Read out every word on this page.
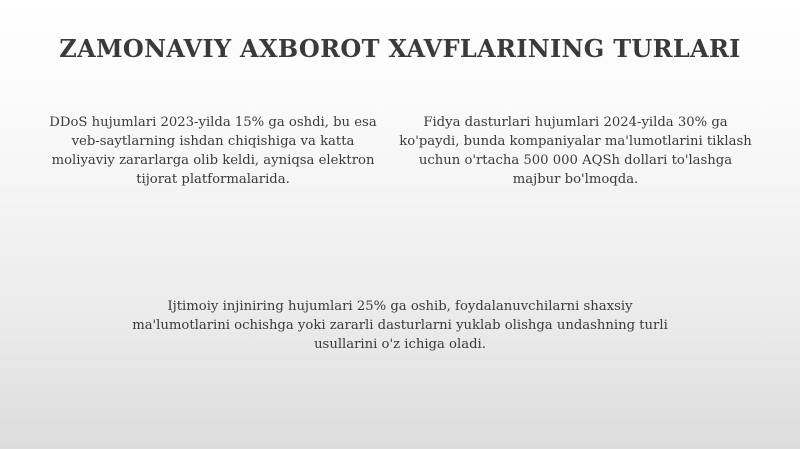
ZAMONAVIY AXBOROT XAVFLARINING TURLARI

DDoS hujumlari 2023-yilda 15% ga oshdi, bu esa veb-saytlarning ishdan chiqishiga va katta moliyaviy zararlarga olib keldi, ayniqsa elektron tijorat platformalarida.

Fidya dasturlari hujumlari 2024-yilda 30% ga ko'paydi, bunda kompaniyalar ma'lumotlarini tiklash uchun o'rtacha 500 000 AQSh dollari to'lashga majbur bo'lmoqda.

Ijtimoiy injiniring hujumlari 25% ga oshib, foydalanuvchilarni shaxsiy ma'lumotlarini ochishga yoki zararli dasturlarni yuklab olishga undashning turli usullarini o'z ichiga oladi.
